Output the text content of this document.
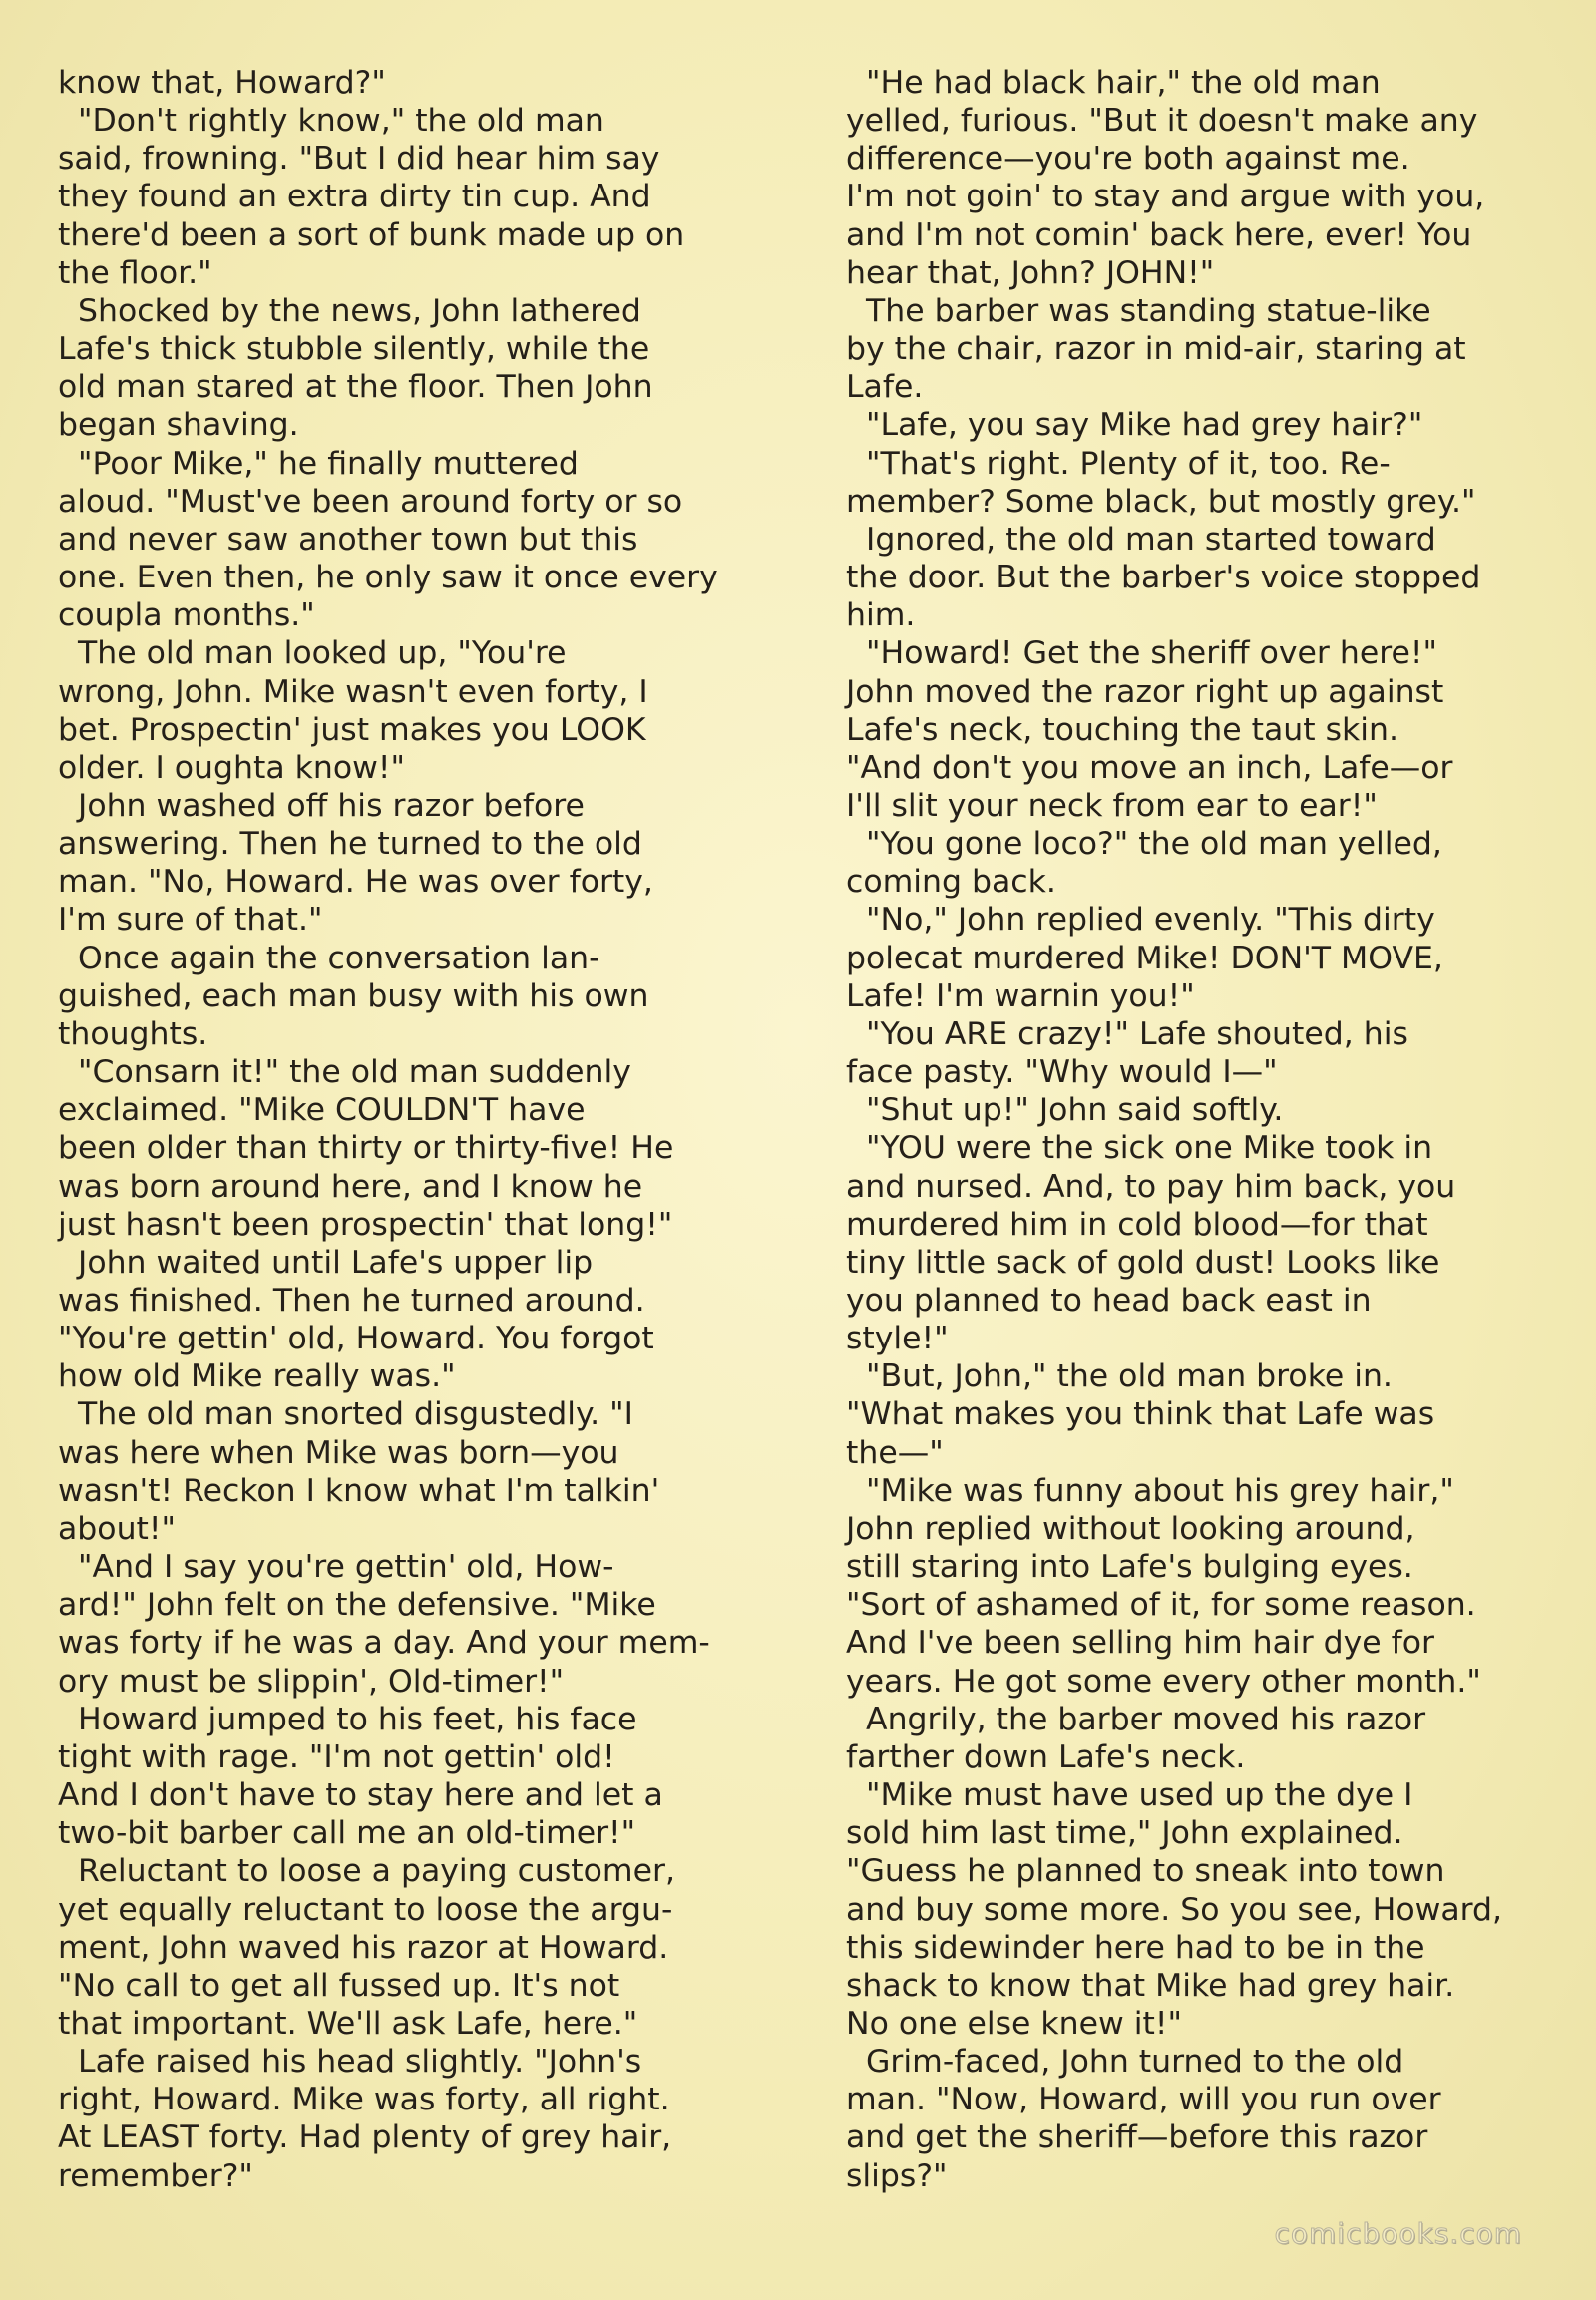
know that, Howard?"

"Don't rightly know," the old man

said, frowning. "But I did hear him say

they found an extra dirty tin cup. And

there'd been a sort of bunk made up on

the floor."

Shocked by the news, John lathered

Lafe's thick stubble silently, while the

old man stared at the floor. Then John

began shaving.

"Poor Mike," he finally muttered

aloud. "Must've been around forty or so

and never saw another town but this

one. Even then, he only saw it once every

coupla months."

The old man looked up, "You're

wrong, John. Mike wasn't even forty, I

bet. Prospectin' just makes you LOOK

older. I oughta know!"

John washed off his razor before

answering. Then he turned to the old

man. "No, Howard. He was over forty,

I'm sure of that."

Once again the conversation lan-

guished, each man busy with his own

thoughts.

"Consarn it!" the old man suddenly

exclaimed. "Mike COULDN'T have

been older than thirty or thirty-five! He

was born around here, and I know he

just hasn't been prospectin' that long!"

John waited until Lafe's upper lip

was finished. Then he turned around.

"You're gettin' old, Howard. You forgot

how old Mike really was."

The old man snorted disgustedly. "I

was here when Mike was born—you

wasn't! Reckon I know what I'm talkin'

about!"

"And I say you're gettin' old, How-

ard!" John felt on the defensive. "Mike

was forty if he was a day. And your mem-

ory must be slippin', Old-timer!"

Howard jumped to his feet, his face

tight with rage. "I'm not gettin' old!

And I don't have to stay here and let a

two-bit barber call me an old-timer!"

Reluctant to loose a paying customer,

yet equally reluctant to loose the argu-

ment, John waved his razor at Howard.

"No call to get all fussed up. It's not

that important. We'll ask Lafe, here."

Lafe raised his head slightly. "John's

right, Howard. Mike was forty, all right.

At LEAST forty. Had plenty of grey hair,

remember?"

"He had black hair," the old man

yelled, furious. "But it doesn't make any

difference—you're both against me.

I'm not goin' to stay and argue with you,

and I'm not comin' back here, ever! You

hear that, John? JOHN!"

The barber was standing statue-like

by the chair, razor in mid-air, staring at

Lafe.

"Lafe, you say Mike had grey hair?"

"That's right. Plenty of it, too. Re-

member? Some black, but mostly grey."

Ignored, the old man started toward

the door. But the barber's voice stopped

him.

"Howard! Get the sheriff over here!"

John moved the razor right up against

Lafe's neck, touching the taut skin.

"And don't you move an inch, Lafe—or

I'll slit your neck from ear to ear!"

"You gone loco?" the old man yelled,

coming back.

"No," John replied evenly. "This dirty

polecat murdered Mike! DON'T MOVE,

Lafe! I'm warnin you!"

"You ARE crazy!" Lafe shouted, his

face pasty. "Why would I—"

"Shut up!" John said softly.

"YOU were the sick one Mike took in

and nursed. And, to pay him back, you

murdered him in cold blood—for that

tiny little sack of gold dust! Looks like

you planned to head back east in

style!"

"But, John," the old man broke in.

"What makes you think that Lafe was

the—"

"Mike was funny about his grey hair,"

John replied without looking around,

still staring into Lafe's bulging eyes.

"Sort of ashamed of it, for some reason.

And I've been selling him hair dye for

years. He got some every other month."

Angrily, the barber moved his razor

farther down Lafe's neck.

"Mike must have used up the dye I

sold him last time," John explained.

"Guess he planned to sneak into town

and buy some more. So you see, Howard,

this sidewinder here had to be in the

shack to know that Mike had grey hair.

No one else knew it!"

Grim-faced, John turned to the old

man. "Now, Howard, will you run over

and get the sheriff—before this razor

slips?"

comicbooks.com
